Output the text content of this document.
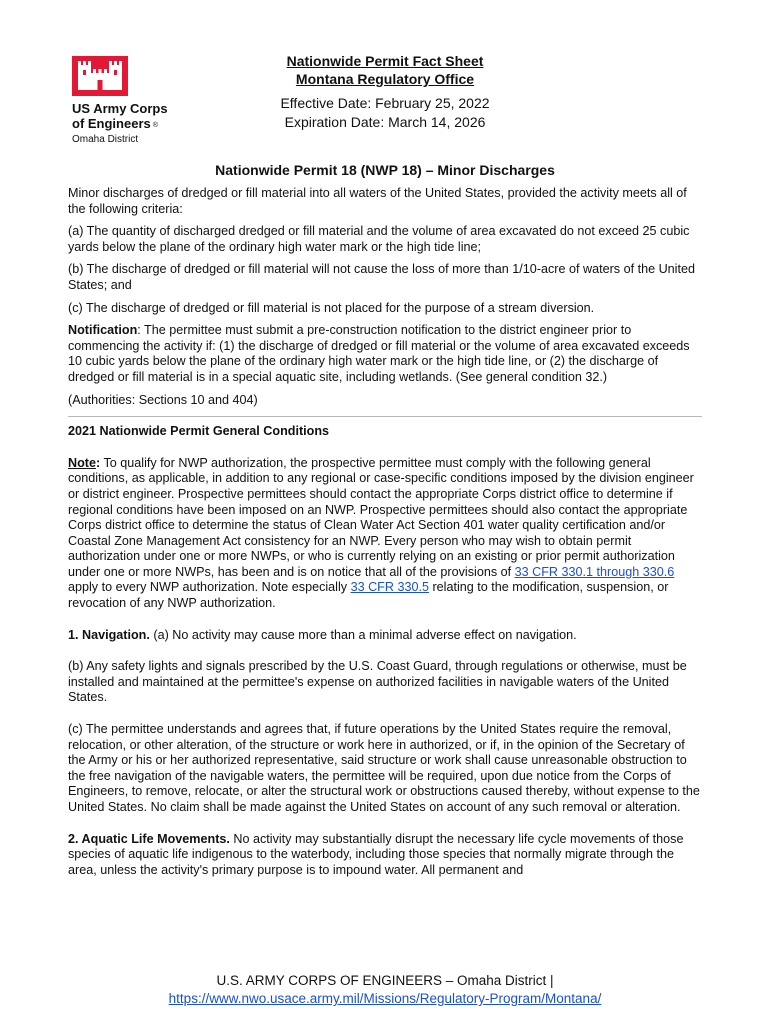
US Army Corps
of Engineers ®
Omaha District
Nationwide Permit Fact Sheet
Montana Regulatory Office
Effective Date: February 25, 2022
Expiration Date: March 14, 2026
Nationwide Permit 18 (NWP 18) – Minor Discharges

Minor discharges of dredged or fill material into all waters of the United States, provided the activity meets all of the following criteria:

(a) The quantity of discharged dredged or fill material and the volume of area excavated do not exceed 25 cubic yards below the plane of the ordinary high water mark or the high tide line;

(b) The discharge of dredged or fill material will not cause the loss of more than 1/10-acre of waters of the United States; and

(c) The discharge of dredged or fill material is not placed for the purpose of a stream diversion.

Notification: The permittee must submit a pre-construction notification to the district engineer prior to commencing the activity if: (1) the discharge of dredged or fill material or the volume of area excavated exceeds 10 cubic yards below the plane of the ordinary high water mark or the high tide line, or (2) the discharge of dredged or fill material is in a special aquatic site, including wetlands. (See general condition 32.)

(Authorities: Sections 10 and 404)

2021 Nationwide Permit General Conditions

Note: To qualify for NWP authorization, the prospective permittee must comply with the following general conditions, as applicable, in addition to any regional or case-specific conditions imposed by the division engineer or district engineer. Prospective permittees should contact the appropriate Corps district office to determine if regional conditions have been imposed on an NWP. Prospective permittees should also contact the appropriate Corps district office to determine the status of Clean Water Act Section 401 water quality certification and/or Coastal Zone Management Act consistency for an NWP. Every person who may wish to obtain permit authorization under one or more NWPs, or who is currently relying on an existing or prior permit authorization under one or more NWPs, has been and is on notice that all of the provisions of 33 CFR 330.1 through 330.6 apply to every NWP authorization. Note especially 33 CFR 330.5 relating to the modification, suspension, or revocation of any NWP authorization.

1. Navigation. (a) No activity may cause more than a minimal adverse effect on navigation.

(b) Any safety lights and signals prescribed by the U.S. Coast Guard, through regulations or otherwise, must be installed and maintained at the permittee's expense on authorized facilities in navigable waters of the United States.

(c) The permittee understands and agrees that, if future operations by the United States require the removal, relocation, or other alteration, of the structure or work here in authorized, or if, in the opinion of the Secretary of the Army or his or her authorized representative, said structure or work shall cause unreasonable obstruction to the free navigation of the navigable waters, the permittee will be required, upon due notice from the Corps of Engineers, to remove, relocate, or alter the structural work or obstructions caused thereby, without expense to the United States. No claim shall be made against the United States on account of any such removal or alteration.

2. Aquatic Life Movements. No activity may substantially disrupt the necessary life cycle movements of those species of aquatic life indigenous to the waterbody, including those species that normally migrate through the area, unless the activity's primary purpose is to impound water. All permanent and

U.S. ARMY CORPS OF ENGINEERS – Omaha District |
https://www.nwo.usace.army.mil/Missions/Regulatory-Program/Montana/
